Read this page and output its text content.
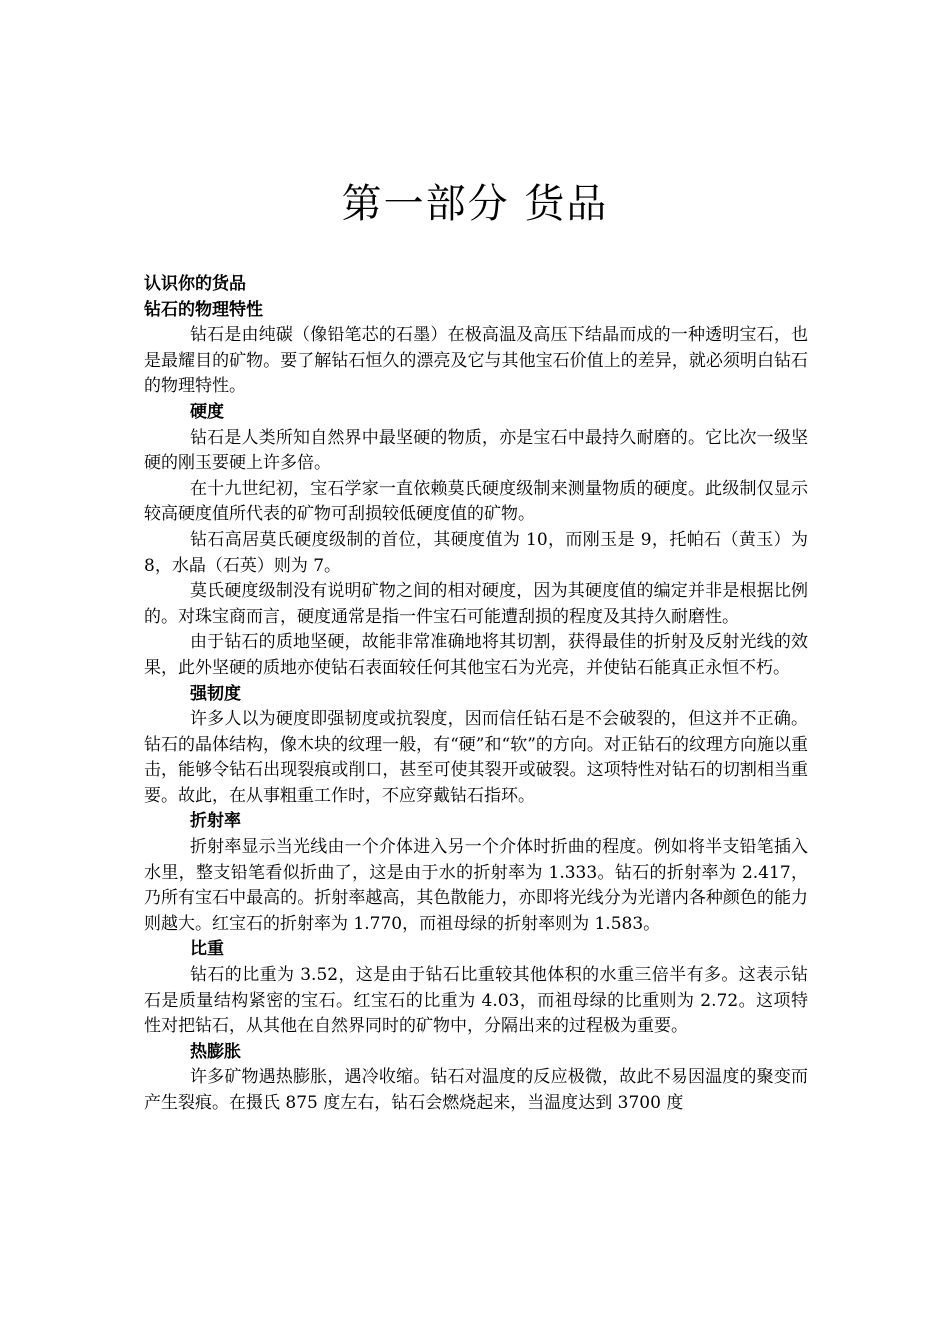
第一部分 货品

认识你的货品

钻石的物理特性

钻石是由纯碳（像铅笔芯的石墨）在极高温及高压下结晶而成的一种透明宝石，也是最耀目的矿物。要了解钻石恒久的漂亮及它与其他宝石价值上的差异，就必须明白钻石的物理特性。

硬度

钻石是人类所知自然界中最坚硬的物质，亦是宝石中最持久耐磨的。它比次一级坚硬的刚玉要硬上许多倍。

在十九世纪初，宝石学家一直依赖莫氏硬度级制来测量物质的硬度。此级制仅显示较高硬度值所代表的矿物可刮损较低硬度值的矿物。

钻石高居莫氏硬度级制的首位，其硬度值为 10，而刚玉是 9，托帕石（黄玉）为 8，水晶（石英）则为 7。

莫氏硬度级制没有说明矿物之间的相对硬度，因为其硬度值的编定并非是根据比例的。对珠宝商而言，硬度通常是指一件宝石可能遭刮损的程度及其持久耐磨性。

由于钻石的质地坚硬，故能非常准确地将其切割，获得最佳的折射及反射光线的效果，此外坚硬的质地亦使钻石表面较任何其他宝石为光亮，并使钻石能真正永恒不朽。

强韧度

许多人以为硬度即强韧度或抗裂度，因而信任钻石是不会破裂的，但这并不正确。钻石的晶体结构，像木块的纹理一般，有“硬”和“软”的方向。对正钻石的纹理方向施以重击，能够令钻石出现裂痕或削口，甚至可使其裂开或破裂。这项特性对钻石的切割相当重要。故此，在从事粗重工作时，不应穿戴钻石指环。

折射率

折射率显示当光线由一个介体进入另一个介体时折曲的程度。例如将半支铅笔插入水里，整支铅笔看似折曲了，这是由于水的折射率为 1.333。钻石的折射率为 2.417，乃所有宝石中最高的。折射率越高，其色散能力，亦即将光线分为光谱内各种颜色的能力则越大。红宝石的折射率为 1.770，而祖母绿的折射率则为 1.583。

比重

钻石的比重为 3.52，这是由于钻石比重较其他体积的水重三倍半有多。这表示钻石是质量结构紧密的宝石。红宝石的比重为 4.03，而祖母绿的比重则为 2.72。这项特性对把钻石，从其他在自然界同时的矿物中，分隔出来的过程极为重要。

热膨胀

许多矿物遇热膨胀，遇冷收缩。钻石对温度的反应极微，故此不易因温度的聚变而产生裂痕。在摄氏 875 度左右，钻石会燃烧起来，当温度达到 3700 度
